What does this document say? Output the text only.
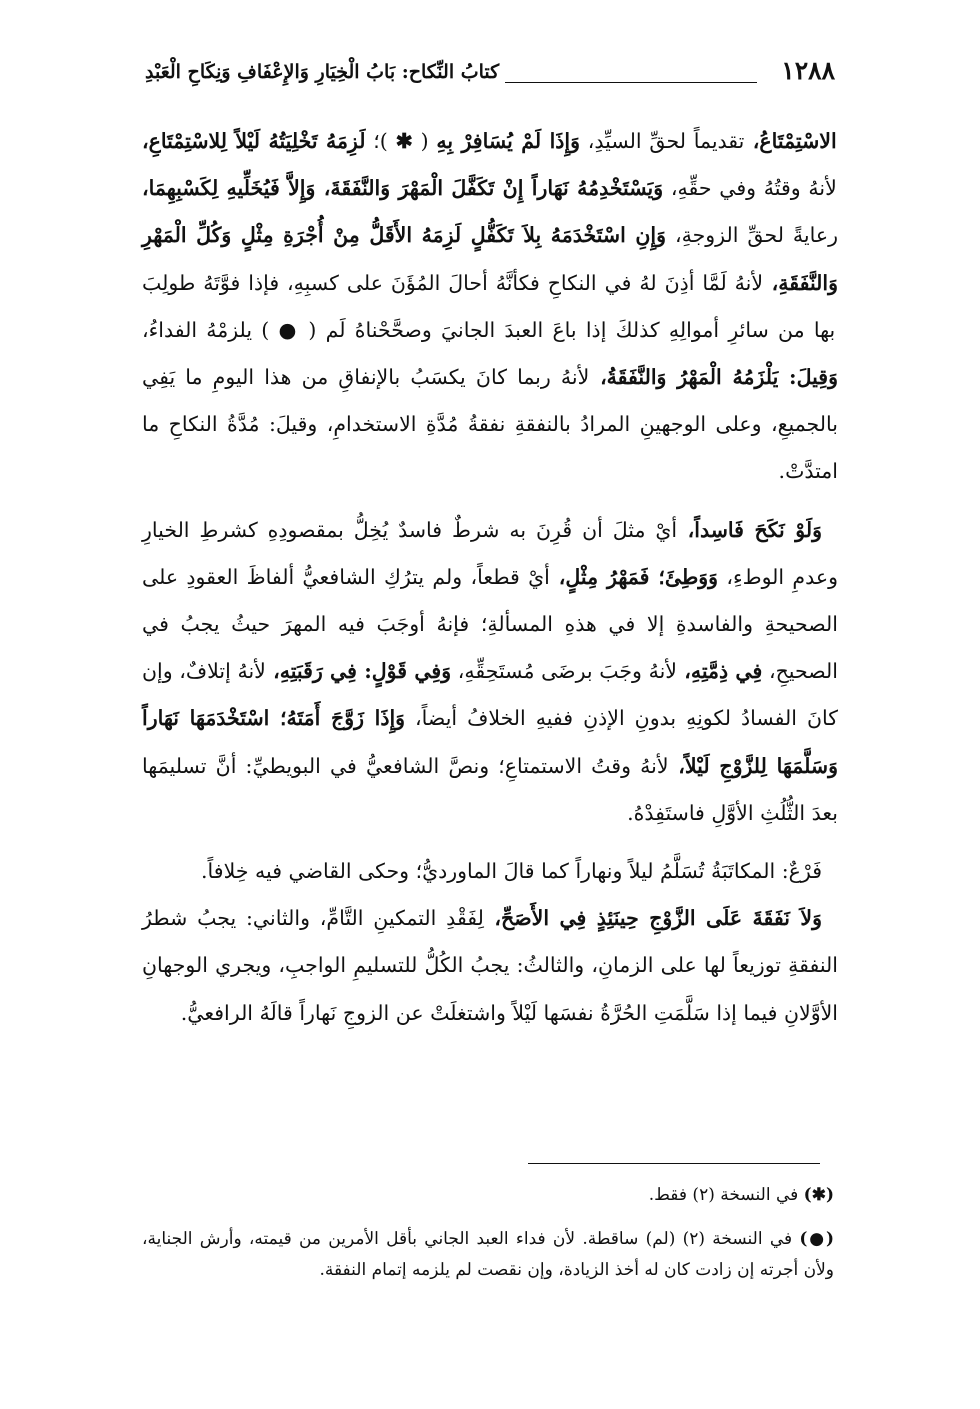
١٢٨٨
كتابُ النِّكاح: بَابُ الْخِيَارِ وَالإِعْفَافِ وَنِكَاحِ الْعَبْدِ

الاسْتِمْتَاعُ، تقديماً لحقِّ السيِّدِ، وَإِذَا لَمْ يُسَافِرْ بِهِ ( ✱ )؛ لَزِمَهُ تَخْلِيَتُهُ لَيْلاً لِلاسْتِمْتَاعِ، لأنهُ وقتُهُ وفي حقِّهِ، وَيَسْتَخْدِمُهُ نَهَاراً إِنْ تَكَفَّلَ الْمَهْرَ وَالنَّفَقَةَ، وَإِلاَّ فَيُخَلِّيهِ لِكَسْبِهِمَا، رعايةً لحقِّ الزوجةِ، وَإِنِ اسْتَخْدَمَهُ بِلاَ تَكَفُّلٍ لَزِمَهُ الأَقَلُّ مِنْ أُجْرَةِ مِثْلٍ وَكُلِّ الْمَهْرِ وَالنَّفَقَةِ، لأنهُ لَمَّا أذِنَ لهُ في النكاحِ فكأنَّهُ أحالَ المُؤَنَ على كسبِهِ، فإذا فوَّتَهُ طولِبَ بها من سائرِ أموالِهِ كذلكَ إذا باعَ العبدَ الجانيَ وصحَّحْناهُ لَم ( ● ) يلزمْهُ الفداءُ، وَقِيلَ: يَلْزَمُهُ الْمَهْرُ وَالنَّفَقَةُ، لأنهُ ربما كانَ يكسَبُ بالإنفاقِ من هذا اليومِ ما يَفِي بالجميعِ، وعلى الوجهينِ المرادُ بالنفقةِ نفقةُ مُدَّةِ الاستخدامِ، وقيلَ: مُدَّةُ النكاحِ ما امتدَّتْ.

وَلَوْ نَكَحَ فَاسِداً، أيْ مثلَ أن قُرِنَ به شرطٌ فاسدٌ يُخِلُّ بمقصودِهِ كشرطِ الخيارِ وعدمِ الوطءِ، وَوَطِئَ؛ فَمَهْرُ مِثْلٍ، أيْ قطعاً، ولم يترُكِ الشافعيُّ ألفاظَ العقودِ على الصحيحةِ والفاسدةِ إلا في هذهِ المسألةِ؛ فإنهُ أوجَبَ فيه المهرَ حيثُ يجبُ في الصحيحِ، فِي ذِمَّتِهِ، لأنهُ وجَبَ برضَى مُستَحِقِّهِ، وَفِي قَوْلٍ: فِي رَقَبَتِهِ، لأنهُ إتلافٌ، وإن كانَ الفسادُ لكونِهِ بدونِ الإذنِ ففيهِ الخلافُ أيضاً، وَإِذَا زَوَّجَ أَمَتَهُ؛ اسْتَخْدَمَهَا نَهَاراً وَسَلَّمَهَا لِلزَّوْجِ لَيْلاً، لأنهُ وقتُ الاستمتاعِ؛ ونصَّ الشافعيُّ في البويطيِّ: أنَّ تسليمَها بعدَ الثُّلُثِ الأوَّلِ فاستَفِدْهُ.

فَرْعٌ: المكاتَبَةُ تُسَلَّمُ ليلاً ونهاراً كما قالَ الماورديُّ؛ وحكى القاضي فيه خِلافاً.

وَلاَ نَفَقَةَ عَلَى الزَّوْجِ حِينَئِذٍ فِي الأَصَحِّ، لِفَقْدِ التمكينِ التَّامِّ، والثاني: يجبُ شطرُ النفقةِ توزيعاً لها على الزمانِ، والثالثُ: يجبُ الكُلُّ للتسليمِ الواجبِ، ويجري الوجهانِ الأوَّلانِ فيما إذا سَلَّمَتِ الحُرَّةُ نفسَها لَيْلاً واشتغلَتْ عن الزوجِ نَهاراً قالَهُ الرافعيُّ.

(✱) في النسخة (٢) فقط.

(●) في النسخة (٢) (لم) ساقطة. لأن فداء العبد الجاني بأقل الأمرين من قيمته، وأرش الجناية، ولأن أجرته إن زادت كان له أخذ الزيادة، وإن نقصت لم يلزمه إتمام النفقة.
